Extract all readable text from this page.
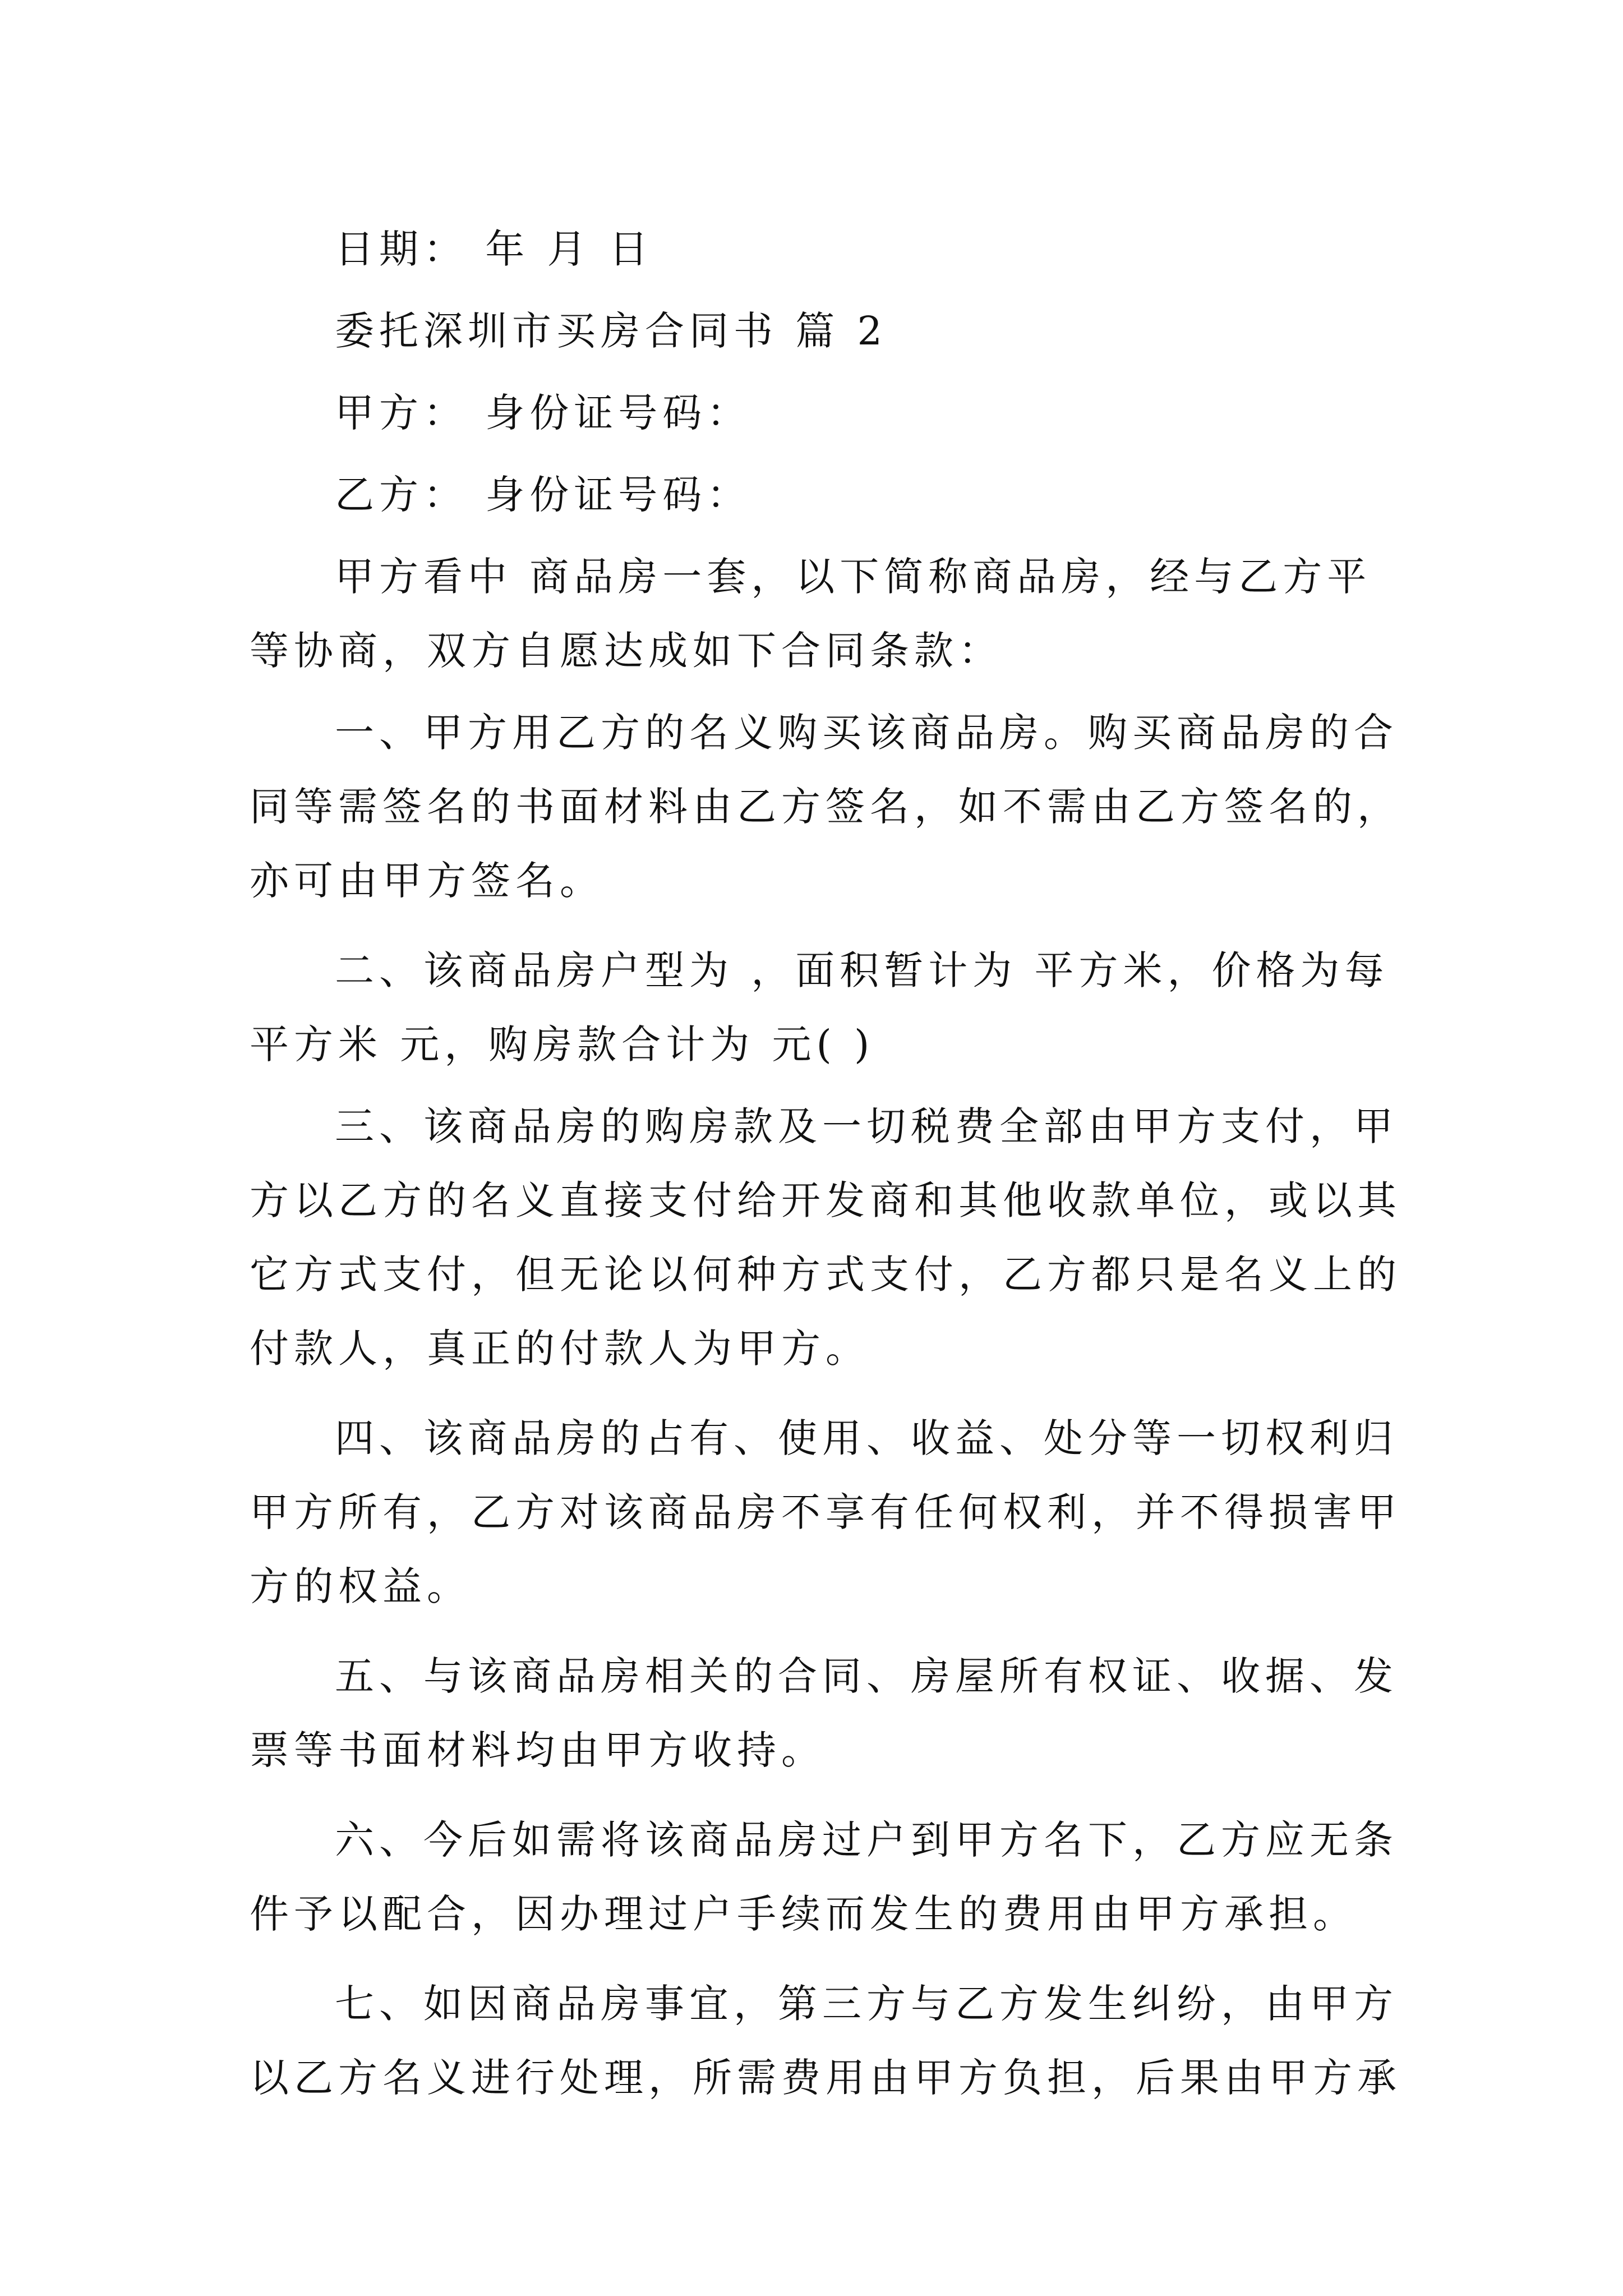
日期： 年 月 日
委托深圳市买房合同书 篇 2
甲方： 身份证号码：
乙方： 身份证号码：
甲方看中 商品房一套，以下简称商品房，经与乙方平
等协商，双方自愿达成如下合同条款：
一、甲方用乙方的名义购买该商品房。购买商品房的合
同等需签名的书面材料由乙方签名，如不需由乙方签名的，
亦可由甲方签名。
二、该商品房户型为 ，面积暂计为 平方米，价格为每
平方米 元，购房款合计为 元( )
三、该商品房的购房款及一切税费全部由甲方支付，甲
方以乙方的名义直接支付给开发商和其他收款单位，或以其
它方式支付，但无论以何种方式支付，乙方都只是名义上的
付款人，真正的付款人为甲方。
四、该商品房的占有、使用、收益、处分等一切权利归
甲方所有，乙方对该商品房不享有任何权利，并不得损害甲
方的权益。
五、与该商品房相关的合同、房屋所有权证、收据、发
票等书面材料均由甲方收持。
六、今后如需将该商品房过户到甲方名下，乙方应无条
件予以配合，因办理过户手续而发生的费用由甲方承担。
七、如因商品房事宜，第三方与乙方发生纠纷，由甲方
以乙方名义进行处理，所需费用由甲方负担，后果由甲方承
